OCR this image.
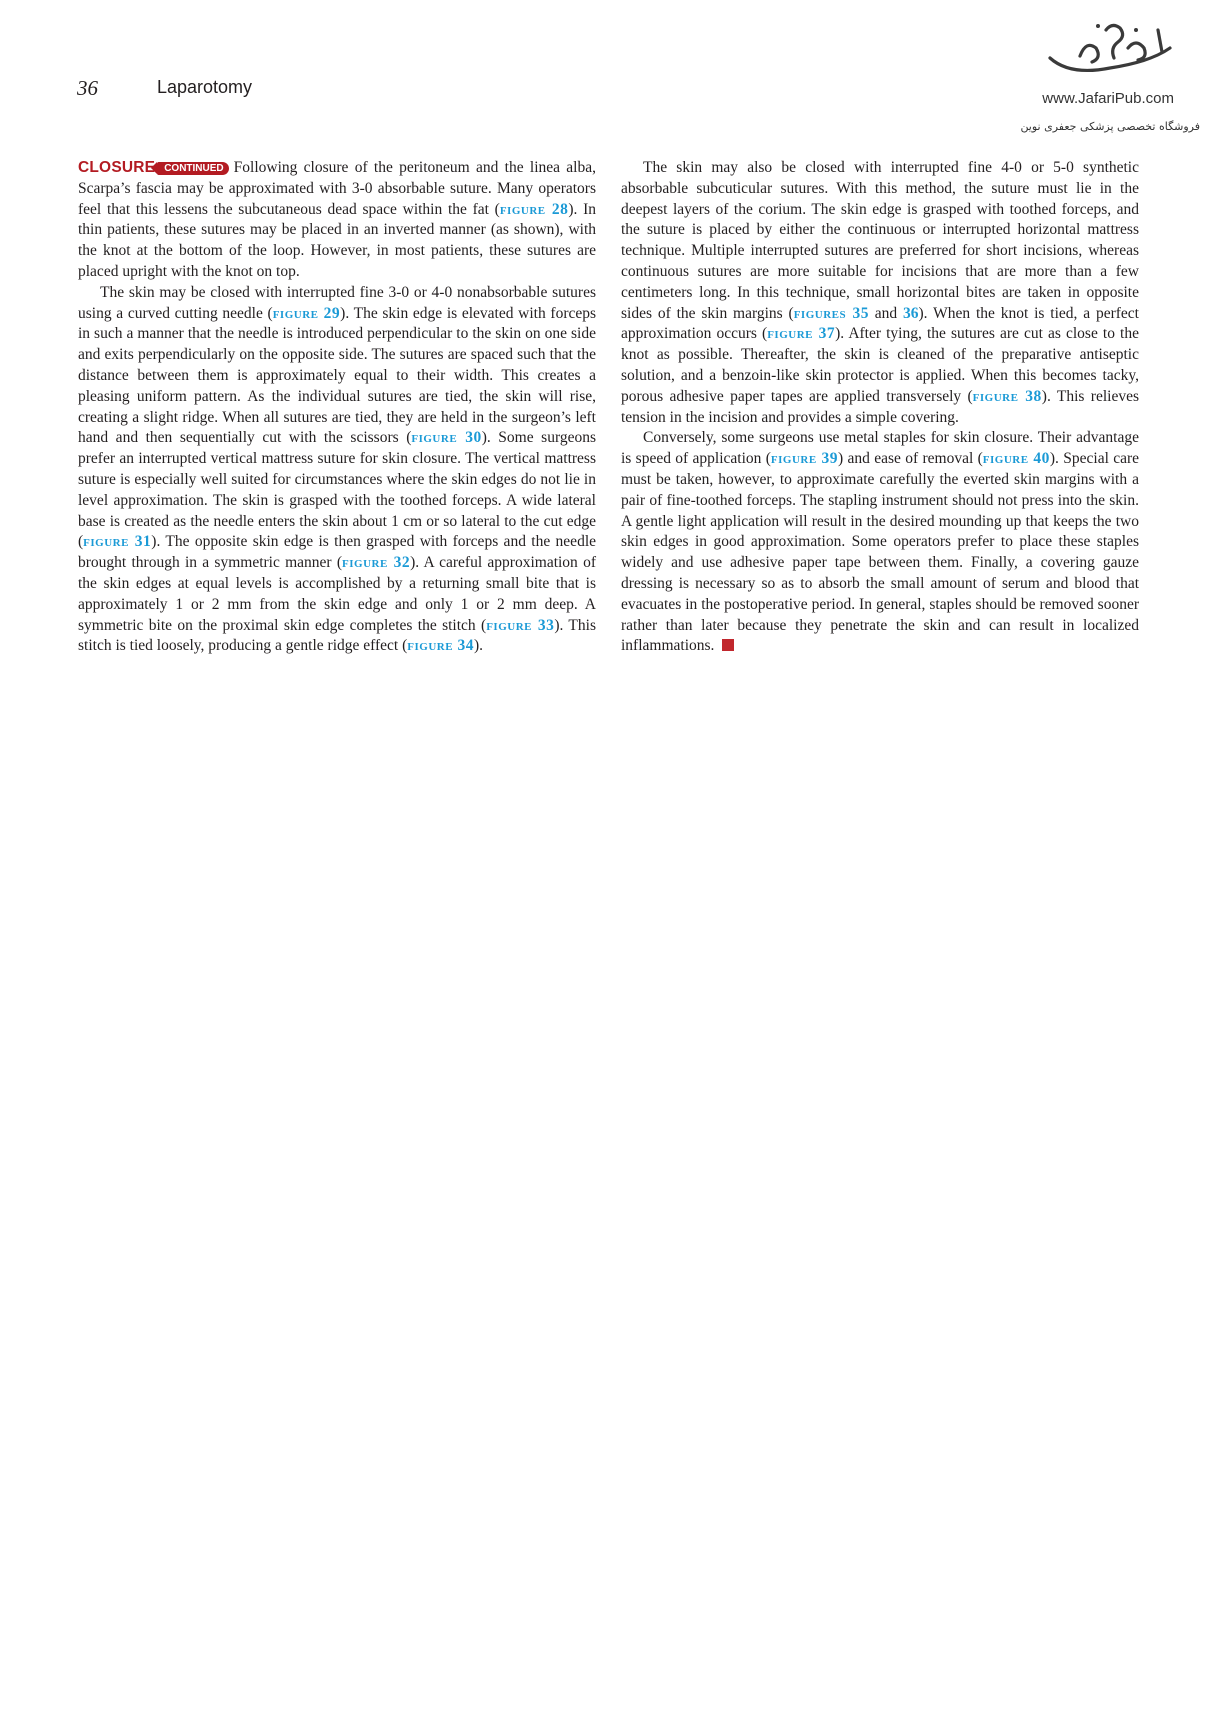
36	Laparotomy
www.JafariPub.com
فروشگاه تخصصی پزشکی جعفری نوین

CLOSURE CONTINUED Following closure of the peritoneum and the linea alba, Scarpa’s fascia may be approximated with 3-0 absorbable suture. Many operators feel that this lessens the subcutaneous dead space within the fat (figure 28). In thin patients, these sutures may be placed in an inverted manner (as shown), with the knot at the bottom of the loop. However, in most patients, these sutures are placed upright with the knot on top.

The skin may be closed with interrupted fine 3-0 or 4-0 nonabsorbable sutures using a curved cutting needle (figure 29). The skin edge is elevated with forceps in such a manner that the needle is introduced perpendicular to the skin on one side and exits perpendicularly on the opposite side. The sutures are spaced such that the distance between them is approximately equal to their width. This creates a pleasing uniform pattern. As the individual sutures are tied, the skin will rise, creating a slight ridge. When all sutures are tied, they are held in the surgeon’s left hand and then sequentially cut with the scissors (figure 30). Some surgeons prefer an interrupted vertical mattress suture for skin closure. The vertical mattress suture is especially well suited for circumstances where the skin edges do not lie in level approximation. The skin is grasped with the toothed forceps. A wide lateral base is created as the needle enters the skin about 1 cm or so lateral to the cut edge (figure 31). The opposite skin edge is then grasped with forceps and the needle brought through in a symmetric manner (figure 32). A careful approximation of the skin edges at equal levels is accomplished by a returning small bite that is approximately 1 or 2 mm from the skin edge and only 1 or 2 mm deep. A symmetric bite on the proximal skin edge completes the stitch (figure 33). This stitch is tied loosely, producing a gentle ridge effect (figure 34).

The skin may also be closed with interrupted fine 4-0 or 5-0 synthetic absorbable subcuticular sutures. With this method, the suture must lie in the deepest layers of the corium. The skin edge is grasped with toothed forceps, and the suture is placed by either the continuous or interrupted horizontal mattress technique. Multiple interrupted sutures are preferred for short incisions, whereas continuous sutures are more suitable for incisions that are more than a few centimeters long. In this technique, small horizontal bites are taken in opposite sides of the skin margins (figures 35 and 36). When the knot is tied, a perfect approximation occurs (figure 37). After tying, the sutures are cut as close to the knot as possible. Thereafter, the skin is cleaned of the preparative antiseptic solution, and a benzoin-like skin protector is applied. When this becomes tacky, porous adhesive paper tapes are applied transversely (figure 38). This relieves tension in the incision and provides a simple covering.

Conversely, some surgeons use metal staples for skin closure. Their advantage is speed of application (figure 39) and ease of removal (figure 40). Special care must be taken, however, to approximate carefully the everted skin margins with a pair of fine-toothed forceps. The stapling instrument should not press into the skin. A gentle light application will result in the desired mounding up that keeps the two skin edges in good approximation. Some operators prefer to place these staples widely and use adhesive paper tape between them. Finally, a covering gauze dressing is necessary so as to absorb the small amount of serum and blood that evacuates in the postoperative period. In general, staples should be removed sooner rather than later because they penetrate the skin and can result in localized inflammations.
